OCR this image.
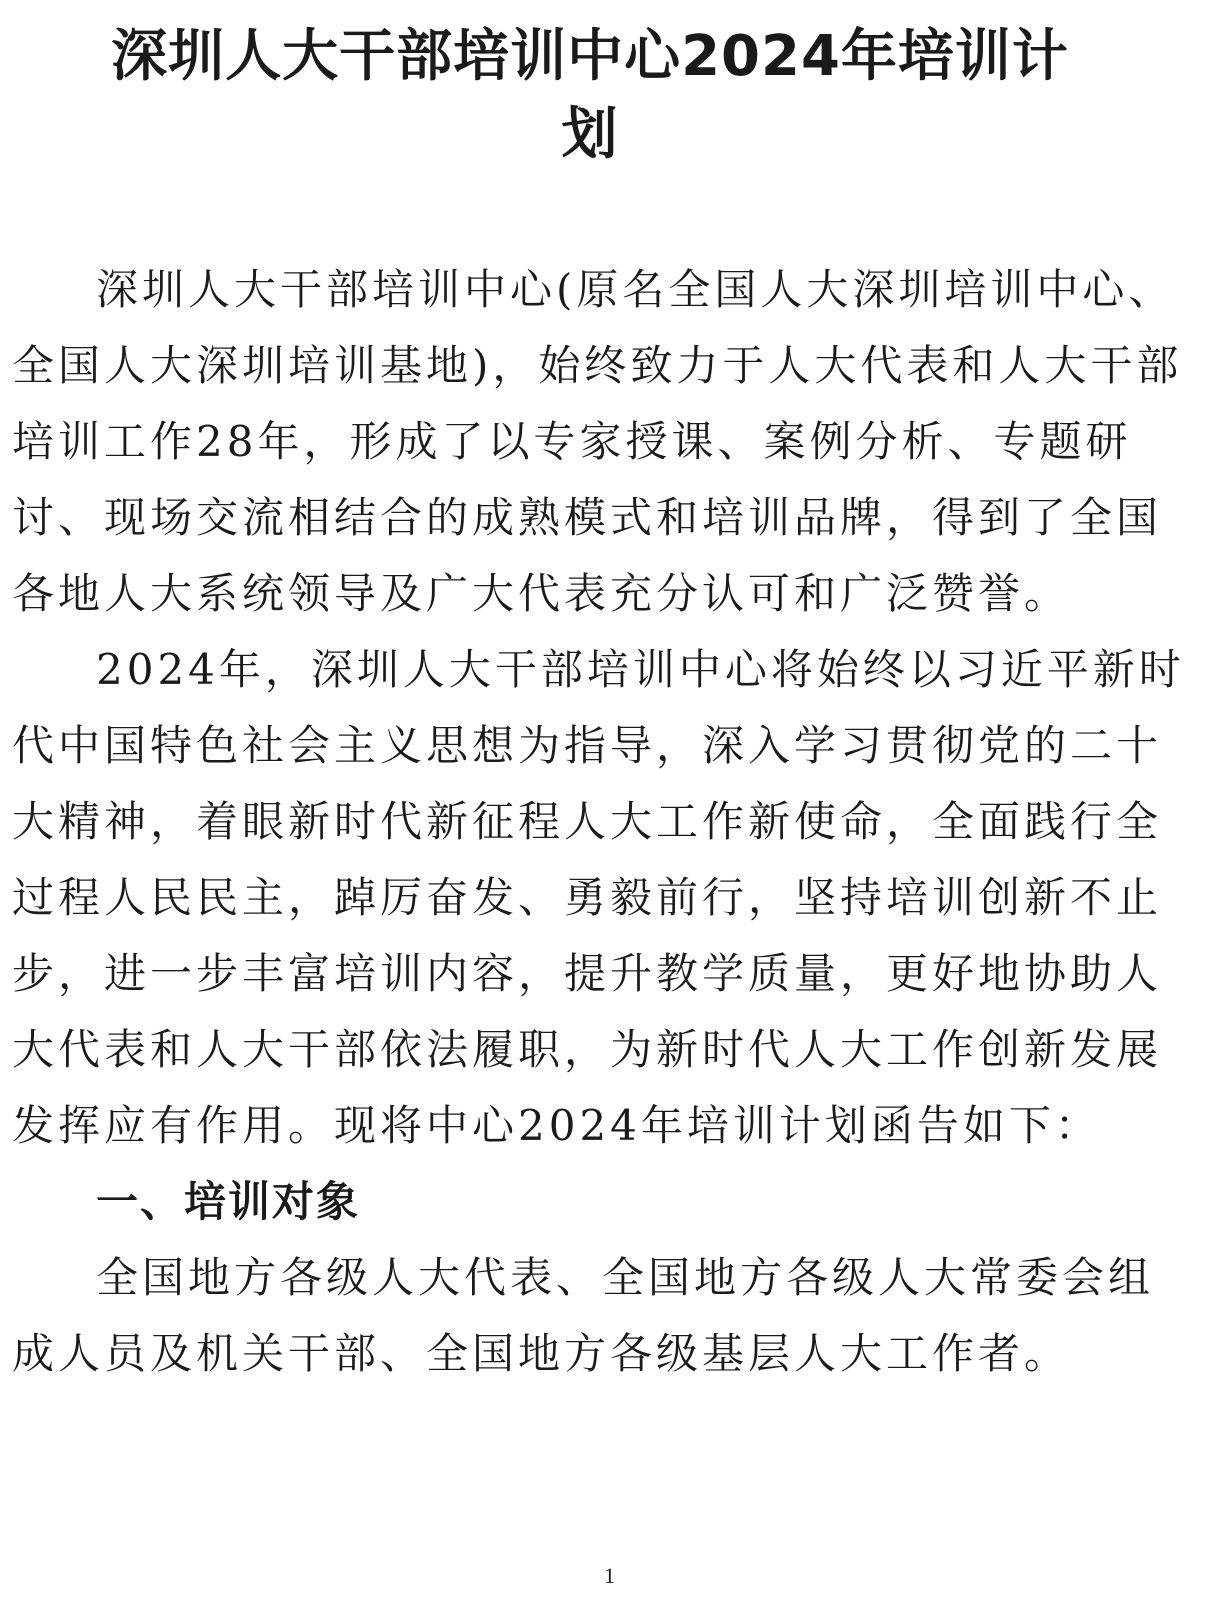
深圳人大干部培训中心2024年培训计
划

深圳人大干部培训中心(原名全国人大深圳培训中心、全国人大深圳培训基地)，始终致力于人大代表和人大干部培训工作28年，形成了以专家授课、案例分析、专题研讨、现场交流相结合的成熟模式和培训品牌，得到了全国各地人大系统领导及广大代表充分认可和广泛赞誉。

2024年，深圳人大干部培训中心将始终以习近平新时代中国特色社会主义思想为指导，深入学习贯彻党的二十大精神，着眼新时代新征程人大工作新使命，全面践行全过程人民民主，踔厉奋发、勇毅前行，坚持培训创新不止步，进一步丰富培训内容，提升教学质量，更好地协助人大代表和人大干部依法履职，为新时代人大工作创新发展发挥应有作用。现将中心2024年培训计划函告如下：

一、培训对象

全国地方各级人大代表、全国地方各级人大常委会组成人员及机关干部、全国地方各级基层人大工作者。

1
